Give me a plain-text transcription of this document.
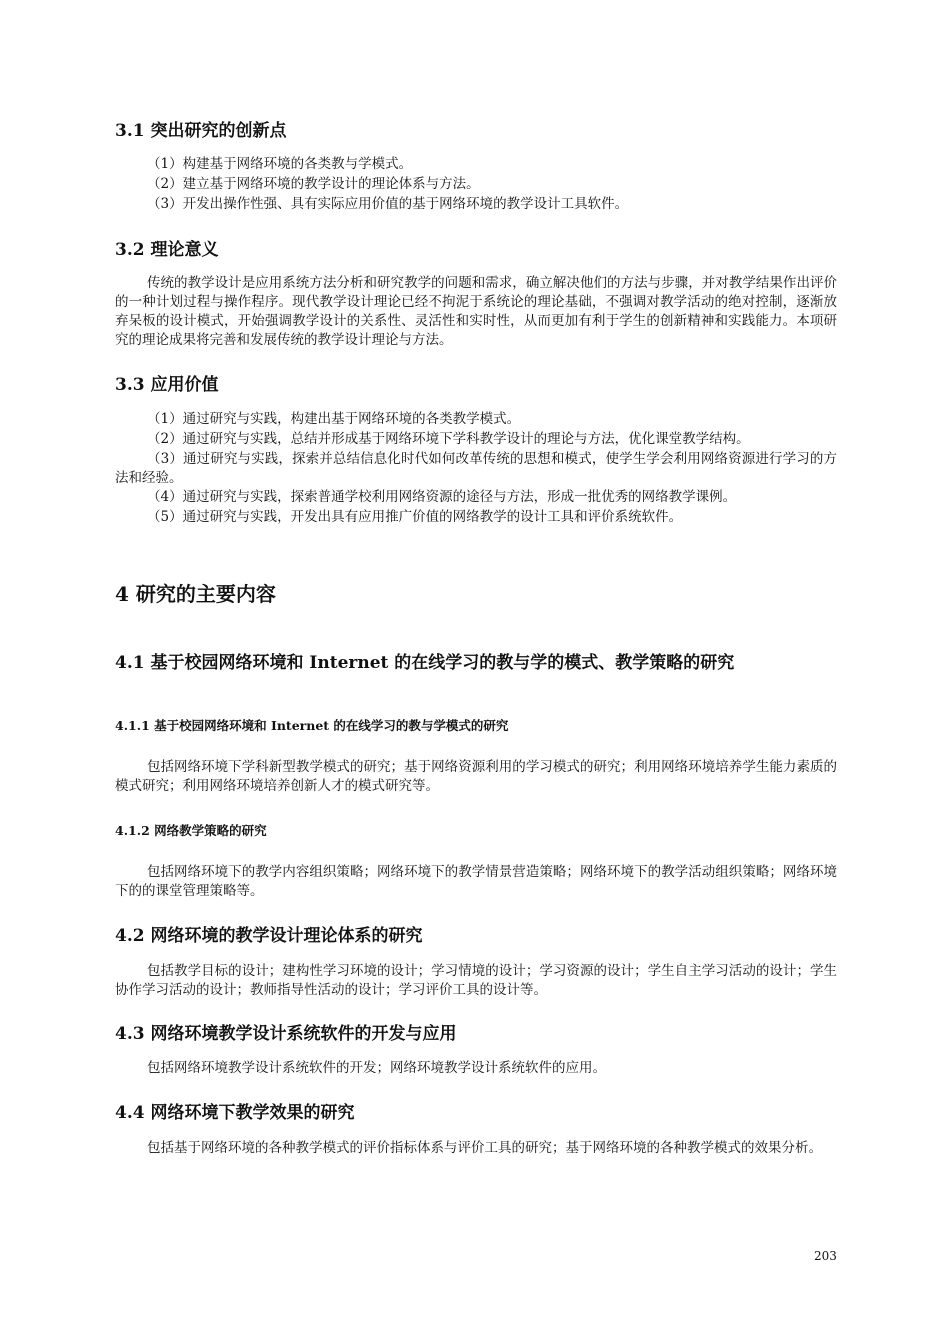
3.1 突出研究的创新点
（1）构建基于网络环境的各类教与学模式。
（2）建立基于网络环境的教学设计的理论体系与方法。
（3）开发出操作性强、具有实际应用价值的基于网络环境的教学设计工具软件。
3.2 理论意义
传统的教学设计是应用系统方法分析和研究教学的问题和需求，确立解决他们的方法与步骤，并对教学结果作出评价的一种计划过程与操作程序。现代教学设计理论已经不拘泥于系统论的理论基础，不强调对教学活动的绝对控制，逐渐放弃呆板的设计模式，开始强调教学设计的关系性、灵活性和实时性，从而更加有利于学生的创新精神和实践能力。本项研究的理论成果将完善和发展传统的教学设计理论与方法。
3.3 应用价值
（1）通过研究与实践，构建出基于网络环境的各类教学模式。
（2）通过研究与实践，总结并形成基于网络环境下学科教学设计的理论与方法，优化课堂教学结构。
（3）通过研究与实践，探索并总结信息化时代如何改革传统的思想和模式，使学生学会利用网络资源进行学习的方法和经验。
（4）通过研究与实践，探索普通学校利用网络资源的途径与方法，形成一批优秀的网络教学课例。
（5）通过研究与实践，开发出具有应用推广价值的网络教学的设计工具和评价系统软件。
4 研究的主要内容
4.1 基于校园网络环境和 Internet 的在线学习的教与学的模式、教学策略的研究
4.1.1 基于校园网络环境和 Internet 的在线学习的教与学模式的研究
包括网络环境下学科新型教学模式的研究；基于网络资源利用的学习模式的研究；利用网络环境培养学生能力素质的模式研究；利用网络环境培养创新人才的模式研究等。
4.1.2 网络教学策略的研究
包括网络环境下的教学内容组织策略；网络环境下的教学情景营造策略；网络环境下的教学活动组织策略；网络环境下的的课堂管理策略等。
4.2 网络环境的教学设计理论体系的研究
包括教学目标的设计；建构性学习环境的设计；学习情境的设计；学习资源的设计；学生自主学习活动的设计；学生协作学习活动的设计；教师指导性活动的设计；学习评价工具的设计等。
4.3 网络环境教学设计系统软件的开发与应用
包括网络环境教学设计系统软件的开发；网络环境教学设计系统软件的应用。
4.4 网络环境下教学效果的研究
包括基于网络环境的各种教学模式的评价指标体系与评价工具的研究；基于网络环境的各种教学模式的效果分析。
203
